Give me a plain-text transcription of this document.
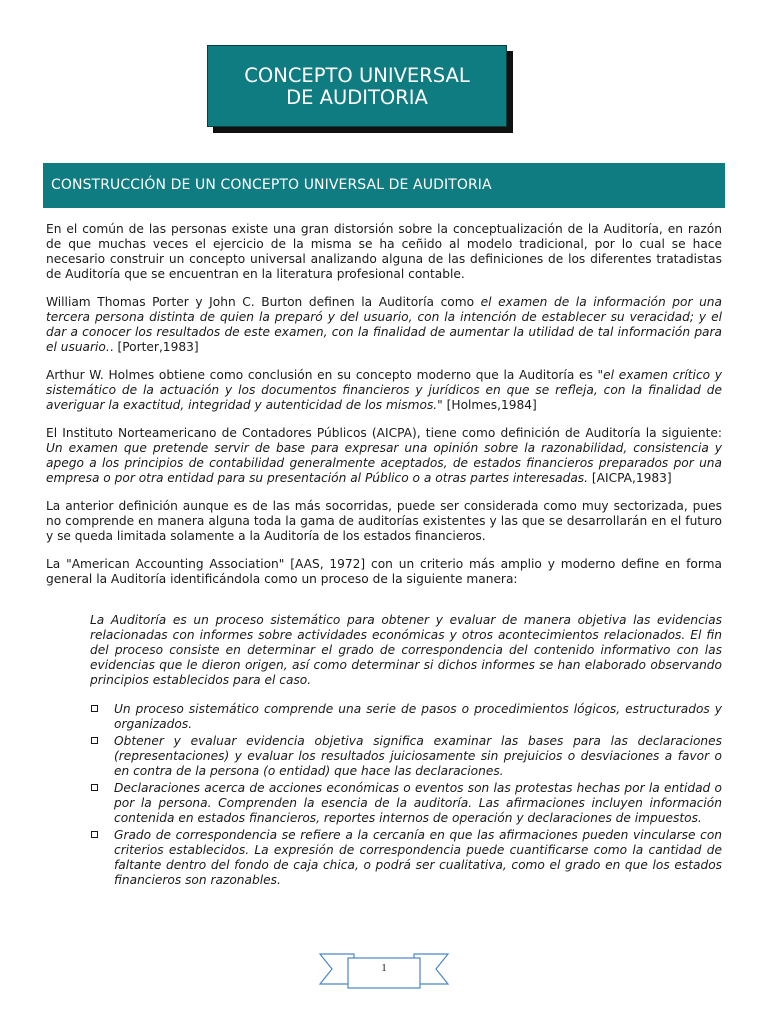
CONCEPTO UNIVERSAL
DE AUDITORIA
CONSTRUCCIÓN DE UN CONCEPTO UNIVERSAL DE AUDITORIA

En el común de las personas existe una gran distorsión sobre la conceptualización de la Auditoría, en razón de que muchas veces el ejercicio de la misma se ha ceñido al modelo tradicional, por lo cual se hace necesario construir un concepto universal analizando alguna de las definiciones de los diferentes tratadistas de Auditoría que se encuentran en la literatura profesional contable.

William Thomas Porter y John C. Burton definen la Auditoría como el examen de la información por una tercera persona distinta de quien la preparó y del usuario, con la intención de establecer su veracidad; y el dar a conocer los resultados de este examen, con la finalidad de aumentar la utilidad de tal información para el usuario.. [Porter,1983]

Arthur W. Holmes obtiene como conclusión en su concepto moderno que la Auditoría es "el examen crítico y sistemático de la actuación y los documentos financieros y jurídicos en que se refleja, con la finalidad de averiguar la exactitud, integridad y autenticidad de los mismos." [Holmes,1984]

El Instituto Norteamericano de Contadores Públicos (AICPA), tiene como definición de Auditoría la siguiente: Un examen que pretende servir de base para expresar una opinión sobre la razonabilidad, consistencia y apego a los principios de contabilidad generalmente aceptados, de estados financieros preparados por una empresa o por otra entidad para su presentación al Público o a otras partes interesadas. [AICPA,1983]

La anterior definición aunque es de las más socorridas, puede ser considerada como muy sectorizada, pues no comprende en manera alguna toda la gama de auditorías existentes y las que se desarrollarán en el futuro y se queda limitada solamente a la Auditoría de los estados financieros.

La "American Accounting Association" [AAS, 1972] con un criterio más amplio y moderno define en forma general la Auditoría identificándola como un proceso de la siguiente manera:

La Auditoría es un proceso sistemático para obtener y evaluar de manera objetiva las evidencias relacionadas con informes sobre actividades económicas y otros acontecimientos relacionados. El fin del proceso consiste en determinar el grado de correspondencia del contenido informativo con las evidencias que le dieron origen, así como determinar si dichos informes se han elaborado observando principios establecidos para el caso.

Un proceso sistemático comprende una serie de pasos o procedimientos lógicos, estructurados y organizados.
Obtener y evaluar evidencia objetiva significa examinar las bases para las declaraciones (representaciones) y evaluar los resultados juiciosamente sin prejuicios o desviaciones a favor o en contra de la persona (o entidad) que hace las declaraciones.
Declaraciones acerca de acciones económicas o eventos son las protestas hechas por la entidad o por la persona. Comprenden la esencia de la auditoría. Las afirmaciones incluyen información contenida en estados financieros, reportes internos de operación y declaraciones de impuestos.
Grado de correspondencia se refiere a la cercanía en que las afirmaciones pueden vincularse con criterios establecidos. La expresión de correspondencia puede cuantificarse como la cantidad de faltante dentro del fondo de caja chica, o podrá ser cualitativa, como el grado en que los estados financieros son razonables.
1
